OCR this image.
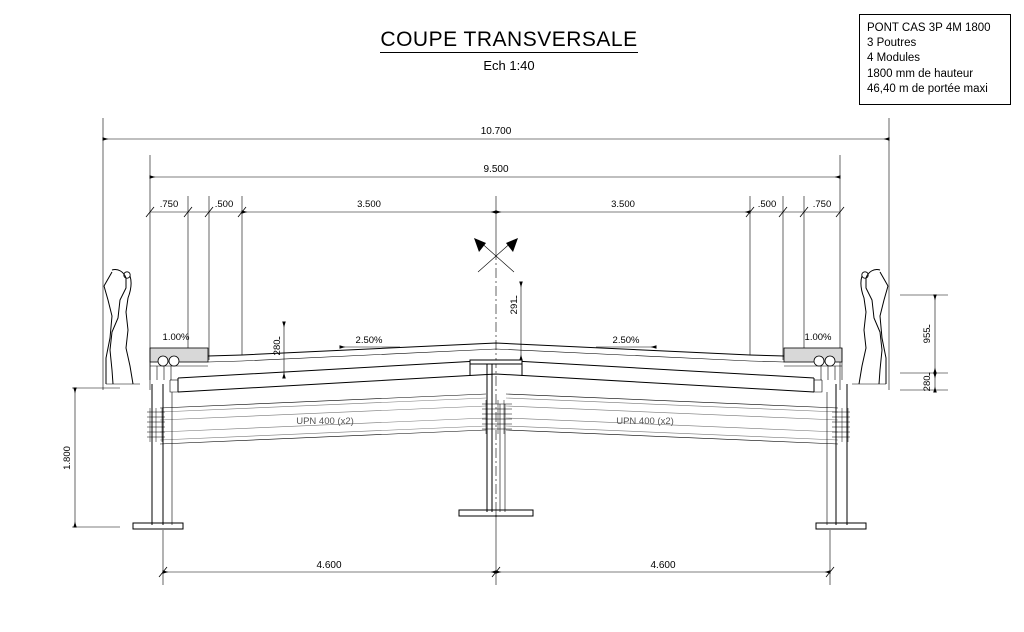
COUPE TRANSVERSALE
Ech 1:40
PONT CAS 3P 4M 1800
3 Poutres
4 Modules
1800 mm de hauteur
46,40 m de portée maxi
10.700
9.500
.750	.500	3.500	3.500	.500	.750
UPN 400 (x2)	UPN 400 (x2)
2.50%	2.50%
1.00%	1.00%
ـ280
ـ291
ـ955
ـ280
1.800
4.600	4.600
